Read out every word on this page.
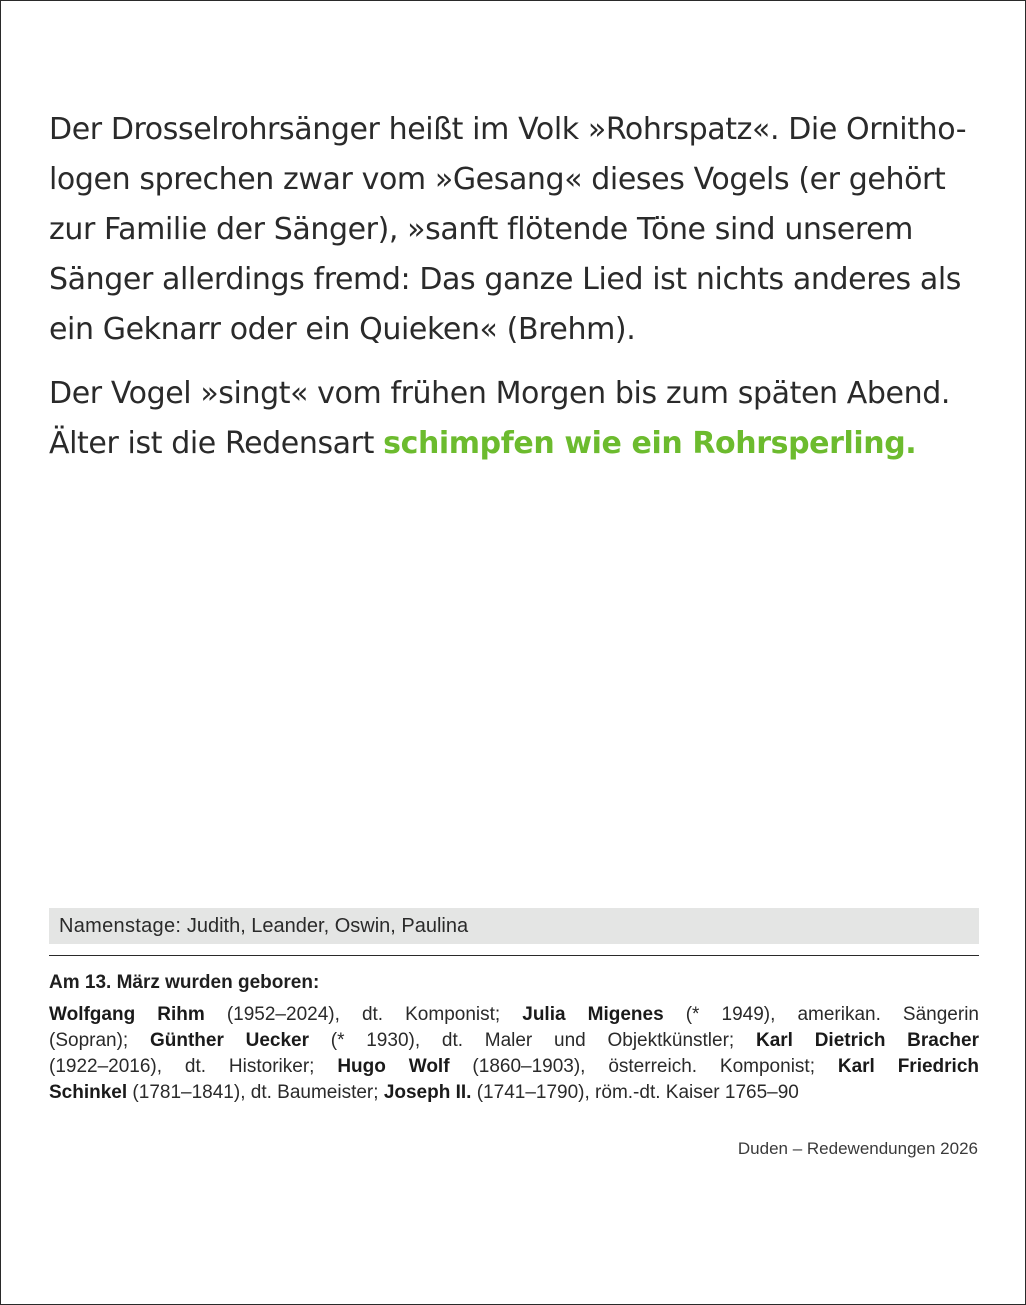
Der Drosselrohrsänger heißt im Volk »Rohrspatz«. Die Ornitho-
logen sprechen zwar vom »Gesang« dieses Vogels (er gehört
zur Familie der Sänger), »sanft flötende Töne sind unserem
Sänger allerdings fremd: Das ganze Lied ist nichts anderes als
ein Geknarr oder ein Quieken« (Brehm).

Der Vogel »singt« vom frühen Morgen bis zum späten Abend.
Älter ist die Redensart schimpfen wie ein Rohrsperling.

Namenstage: Judith, Leander, Oswin, Paulina
Am 13. März wurden geboren:
Wolfgang Rihm (1952–2024), dt. Komponist; Julia Migenes (* 1949), amerikan. Sängerin
(Sopran); Günther Uecker (* 1930), dt. Maler und Objektkünstler; Karl Dietrich Bracher
(1922–2016), dt. Historiker; Hugo Wolf (1860–1903), österreich. Komponist; Karl Friedrich
Schinkel (1781–1841), dt. Baumeister; Joseph II. (1741–1790), röm.-dt. Kaiser 1765–90
Duden – Redewendungen 2026
